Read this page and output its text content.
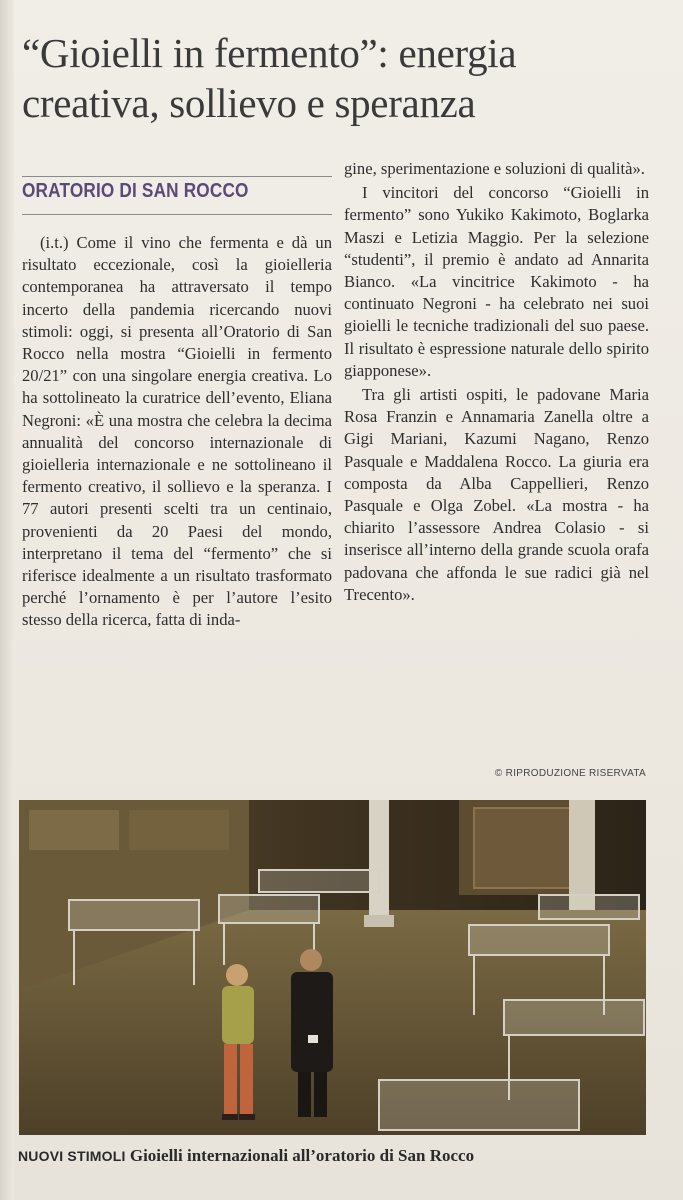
“Gioielli in fermento”: energia creativa, sollievo e speranza
ORATORIO DI SAN ROCCO

(i.t.) Come il vino che fermenta e dà un risultato eccezionale, così la gioielleria contemporanea ha attraversato il tempo incerto della pandemia ricercando nuovi stimoli: oggi, si presenta all’Oratorio di San Rocco nella mostra “Gioielli in fermento 20/21” con una singolare energia creativa. Lo ha sottolineato la curatrice dell’evento, Eliana Negroni: «È una mostra che celebra la decima annualità del concorso internazionale di gioielleria internazionale e ne sottolineano il fermento creativo, il sollievo e la speranza. I 77 autori presenti scelti tra un centinaio, provenienti da 20 Paesi del mondo, interpretano il tema del “fermento” che si riferisce idealmente a un risultato trasformato perché l’ornamento è per l’autore l’esito stesso della ricerca, fatta di inda-

gine, sperimentazione e soluzioni di qualità».

I vincitori del concorso “Gioielli in fermento” sono Yukiko Kakimoto, Boglarka Maszi e Letizia Maggio. Per la selezione “studenti”, il premio è andato ad Annarita Bianco. «La vincitrice Kakimoto - ha continuato Negroni - ha celebrato nei suoi gioielli le tecniche tradizionali del suo paese. Il risultato è espressione naturale dello spirito giapponese».

Tra gli artisti ospiti, le padovane Maria Rosa Franzin e Annamaria Zanella oltre a Gigi Mariani, Kazumi Nagano, Renzo Pasquale e Maddalena Rocco. La giuria era composta da Alba Cappellieri, Renzo Pasquale e Olga Zobel. «La mostra - ha chiarito l’assessore Andrea Colasio - si inserisce all’interno della grande scuola orafa padovana che affonda le sue radici già nel Trecento».

© RIPRODUZIONE RISERVATA
NUOVI STIMOLI Gioielli internazionali all’oratorio di San Rocco
